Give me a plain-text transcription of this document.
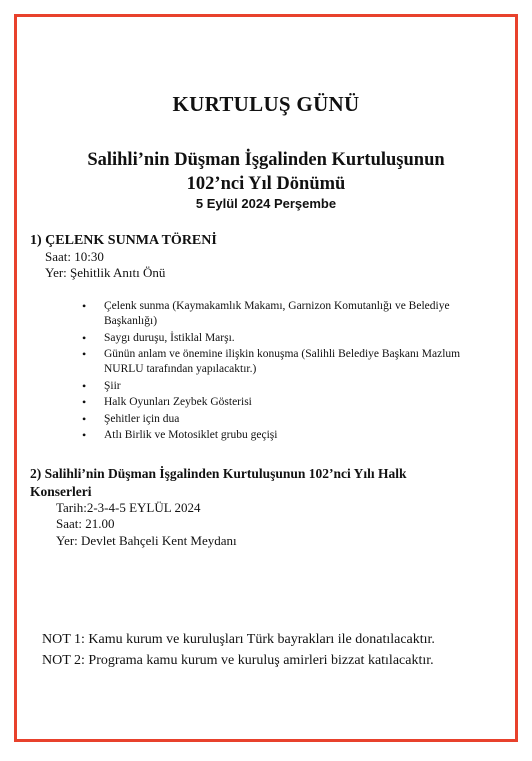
KURTULUŞ GÜNÜ
Salihli’nin Düşman İşgalinden Kurtuluşunun
102’nci Yıl Dönümü
5 Eylül 2024 Perşembe
1) ÇELENK SUNMA TÖRENİ
Saat: 10:30
Yer: Şehitlik Anıtı Önü
• Çelenk sunma (Kaymakamlık Makamı, Garnizon Komutanlığı ve Belediye Başkanlığı)
• Saygı duruşu, İstiklal Marşı.
• Günün anlam ve önemine ilişkin konuşma (Salihli Belediye Başkanı Mazlum NURLU tarafından yapılacaktır.)
• Şiir
• Halk Oyunları Zeybek Gösterisi
• Şehitler için dua
• Atlı Birlik ve Motosiklet grubu geçişi
2) Salihli’nin Düşman İşgalinden Kurtuluşunun 102’nci Yılı Halk
Konserleri
Tarih:2-3-4-5 EYLÜL 2024
Saat: 21.00
Yer: Devlet Bahçeli Kent Meydanı
NOT 1: Kamu kurum ve kuruluşları Türk bayrakları ile donatılacaktır.
NOT 2: Programa kamu kurum ve kuruluş amirleri bizzat katılacaktır.
